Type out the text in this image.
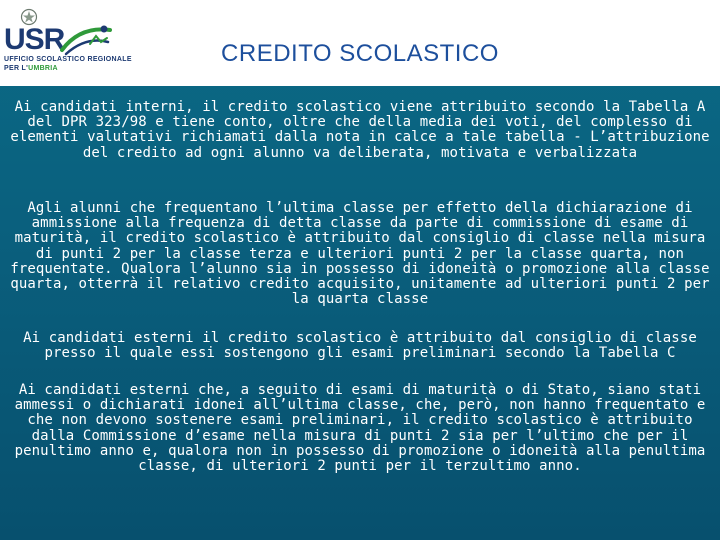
USR
UFFICIO SCOLASTICO REGIONALE
PER L'UMBRIA
CREDITO SCOLASTICO

Ai candidati interni, il credito scolastico viene attribuito secondo la Tabella A del DPR 323/98 e tiene conto, oltre che della media dei voti, del complesso di elementi valutativi richiamati dalla nota in calce a tale tabella - L’attribuzione del credito ad ogni alunno va deliberata, motivata e verbalizzata

Agli alunni che frequentano l’ultima classe per effetto della dichiarazione di ammissione alla frequenza di detta classe da parte di commissione di esame di maturità, il credito scolastico è attribuito dal consiglio di classe nella misura di punti 2 per la classe terza e ulteriori punti 2 per la classe quarta, non frequentate. Qualora l’alunno sia in possesso di idoneità o promozione alla classe quarta, otterrà il relativo credito acquisito, unitamente ad ulteriori punti 2 per la quarta classe

Ai candidati esterni il credito scolastico è attribuito dal consiglio di classe presso il quale essi sostengono gli esami preliminari secondo la Tabella C

Ai candidati esterni che, a seguito di esami di maturità o di Stato, siano stati ammessi o dichiarati idonei all’ultima classe, che, però, non hanno frequentato e che non devono sostenere esami preliminari, il credito scolastico è attribuito dalla Commissione d’esame nella misura di punti 2 sia per l’ultimo che per il penultimo anno e, qualora non in possesso di promozione o idoneità alla penultima classe, di ulteriori 2 punti per il terzultimo anno.
